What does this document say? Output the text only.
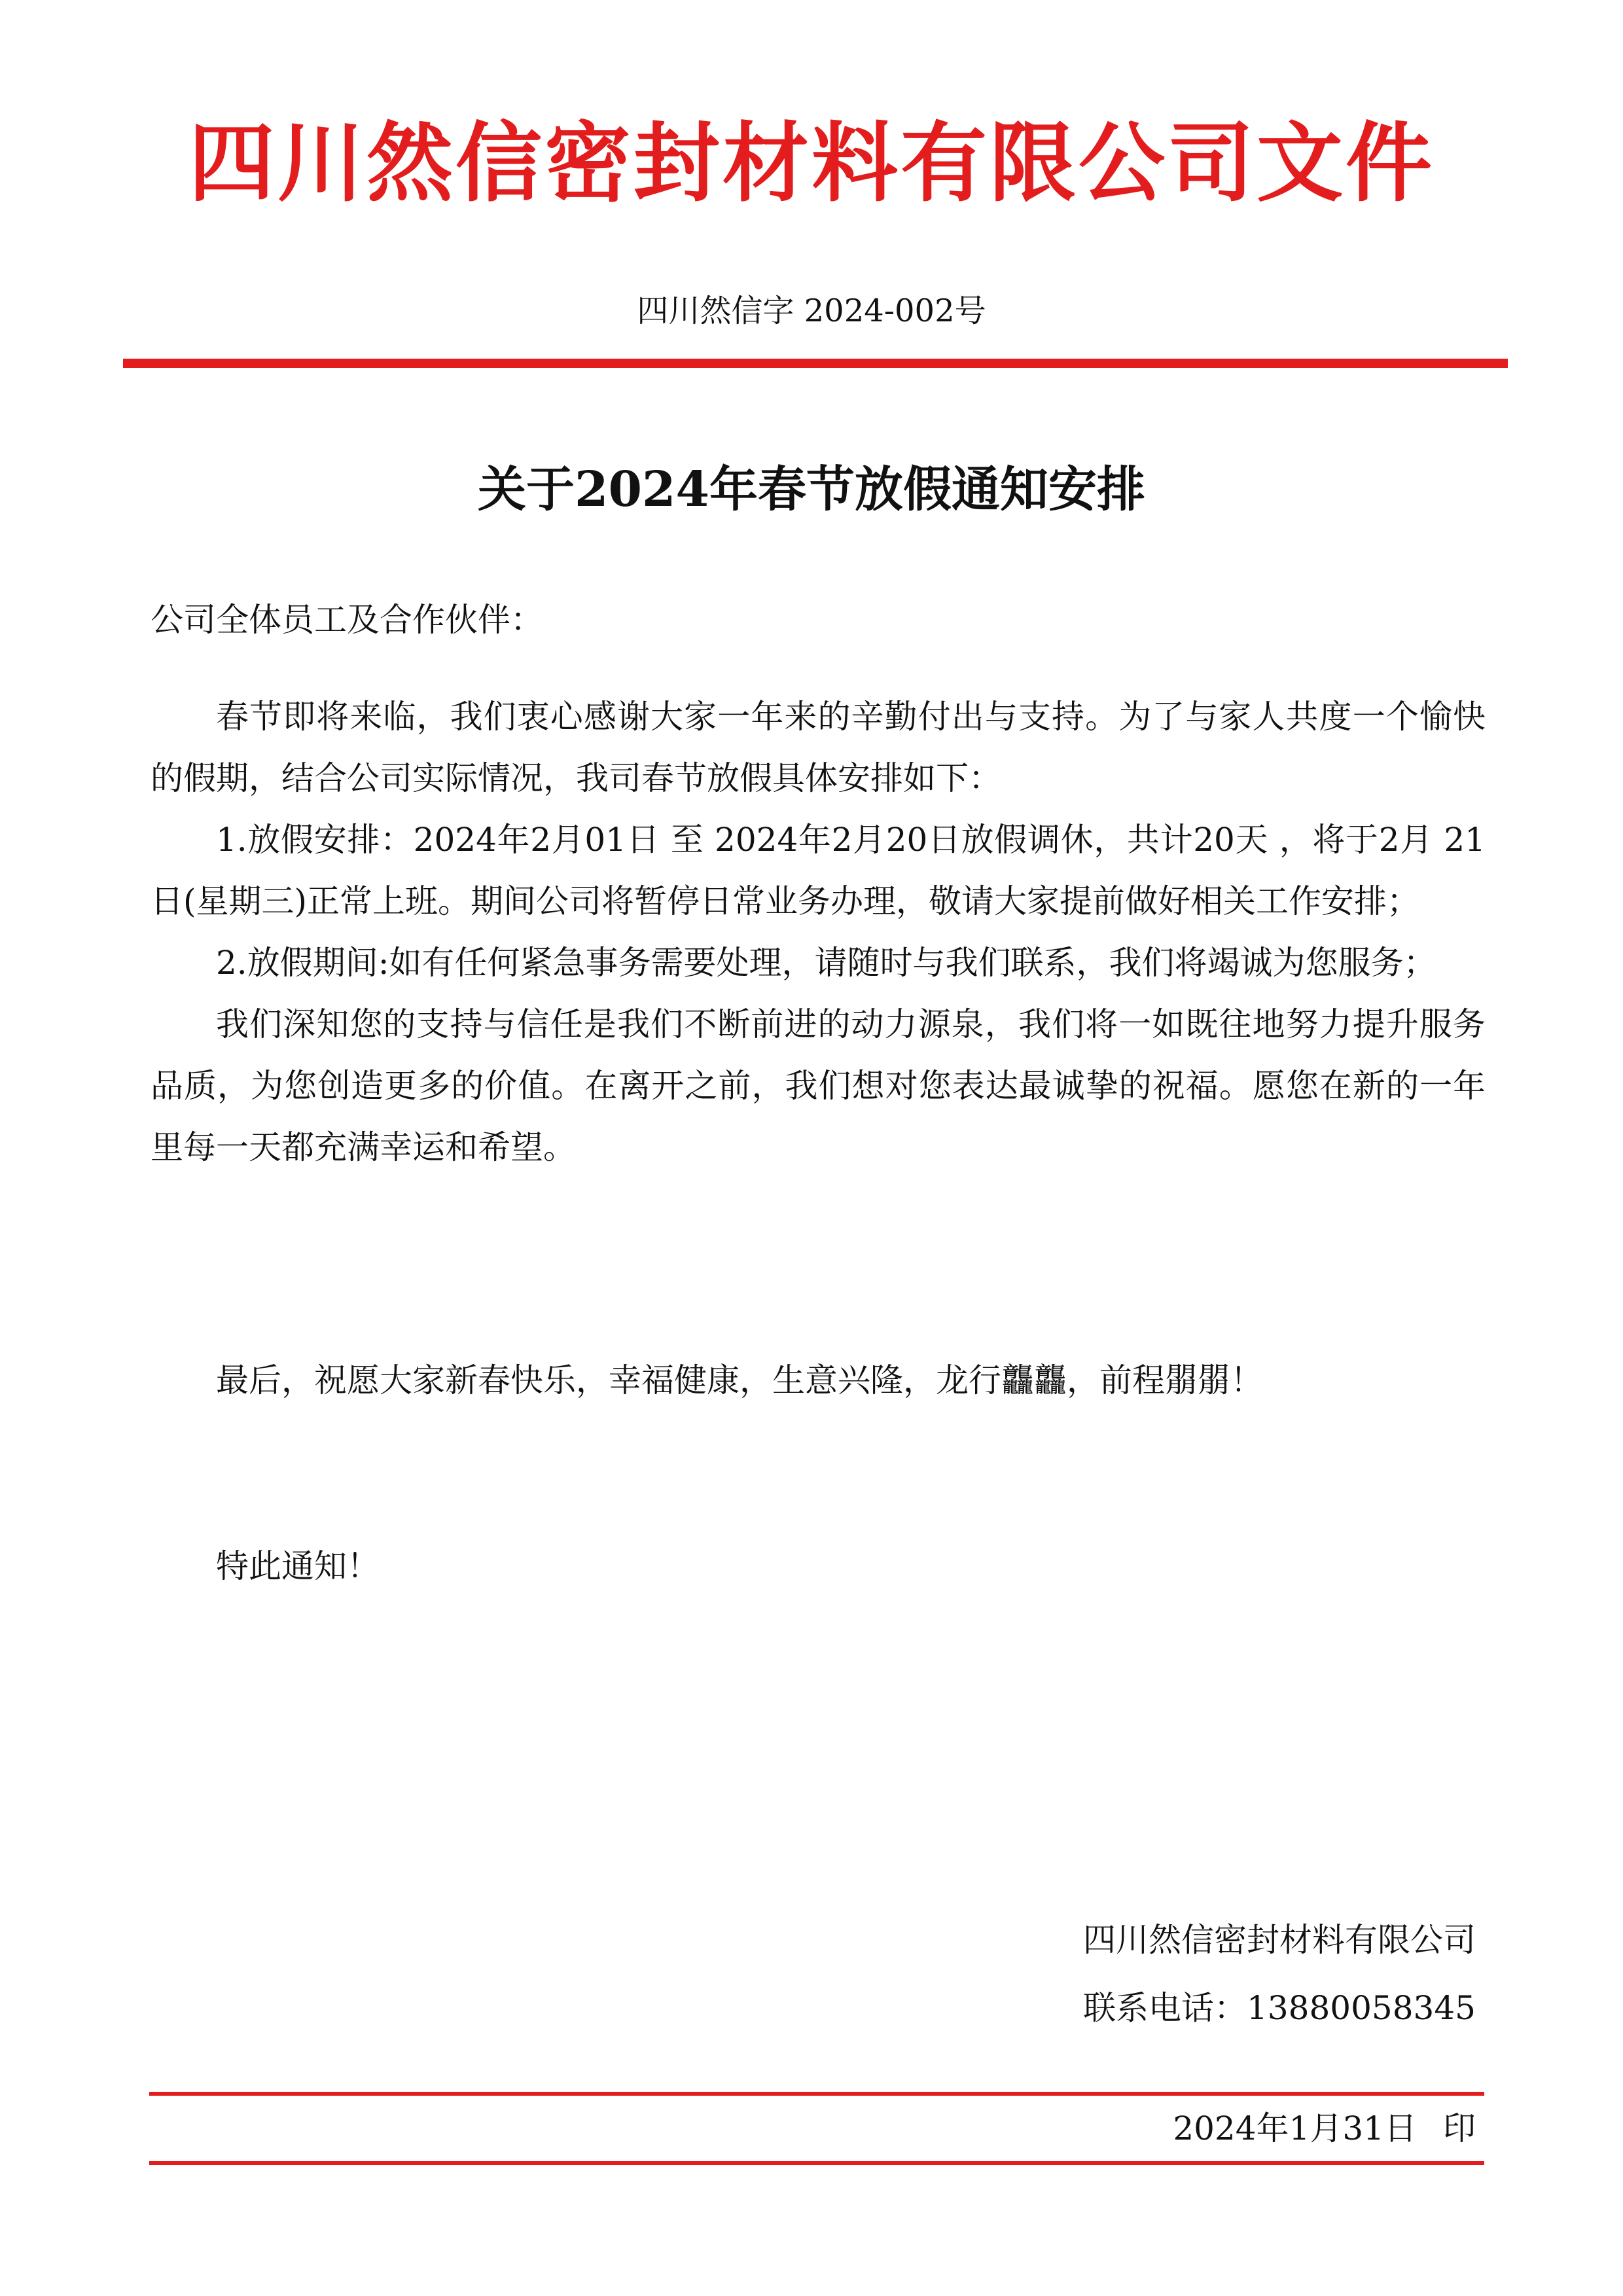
四川然信密封材料有限公司文件
四川然信字 2024-002号
关于2024年春节放假通知安排
公司全体员工及合作伙伴：

春节即将来临，我们衷心感谢大家一年来的辛勤付出与支持。为了与家人共度一个愉快的假期，结合公司实际情况，我司春节放假具体安排如下：

1.放假安排：2024年2月01日 至 2024年2月20日放假调休，共计20天 ，将于2月 21 日(星期三)正常上班。期间公司将暂停日常业务办理，敬请大家提前做好相关工作安排；

2.放假期间:如有任何紧急事务需要处理，请随时与我们联系，我们将竭诚为您服务；

我们深知您的支持与信任是我们不断前进的动力源泉，我们将一如既往地努力提升服务品质，为您创造更多的价值。在离开之前，我们想对您表达最诚挚的祝福。愿您在新的一年里每一天都充满幸运和希望。

最后，祝愿大家新春快乐，幸福健康，生意兴隆，龙行龘龘，前程朤朤！
特此通知！
四川然信密封材料有限公司
联系电话：13880058345
2024年1月31日 印
